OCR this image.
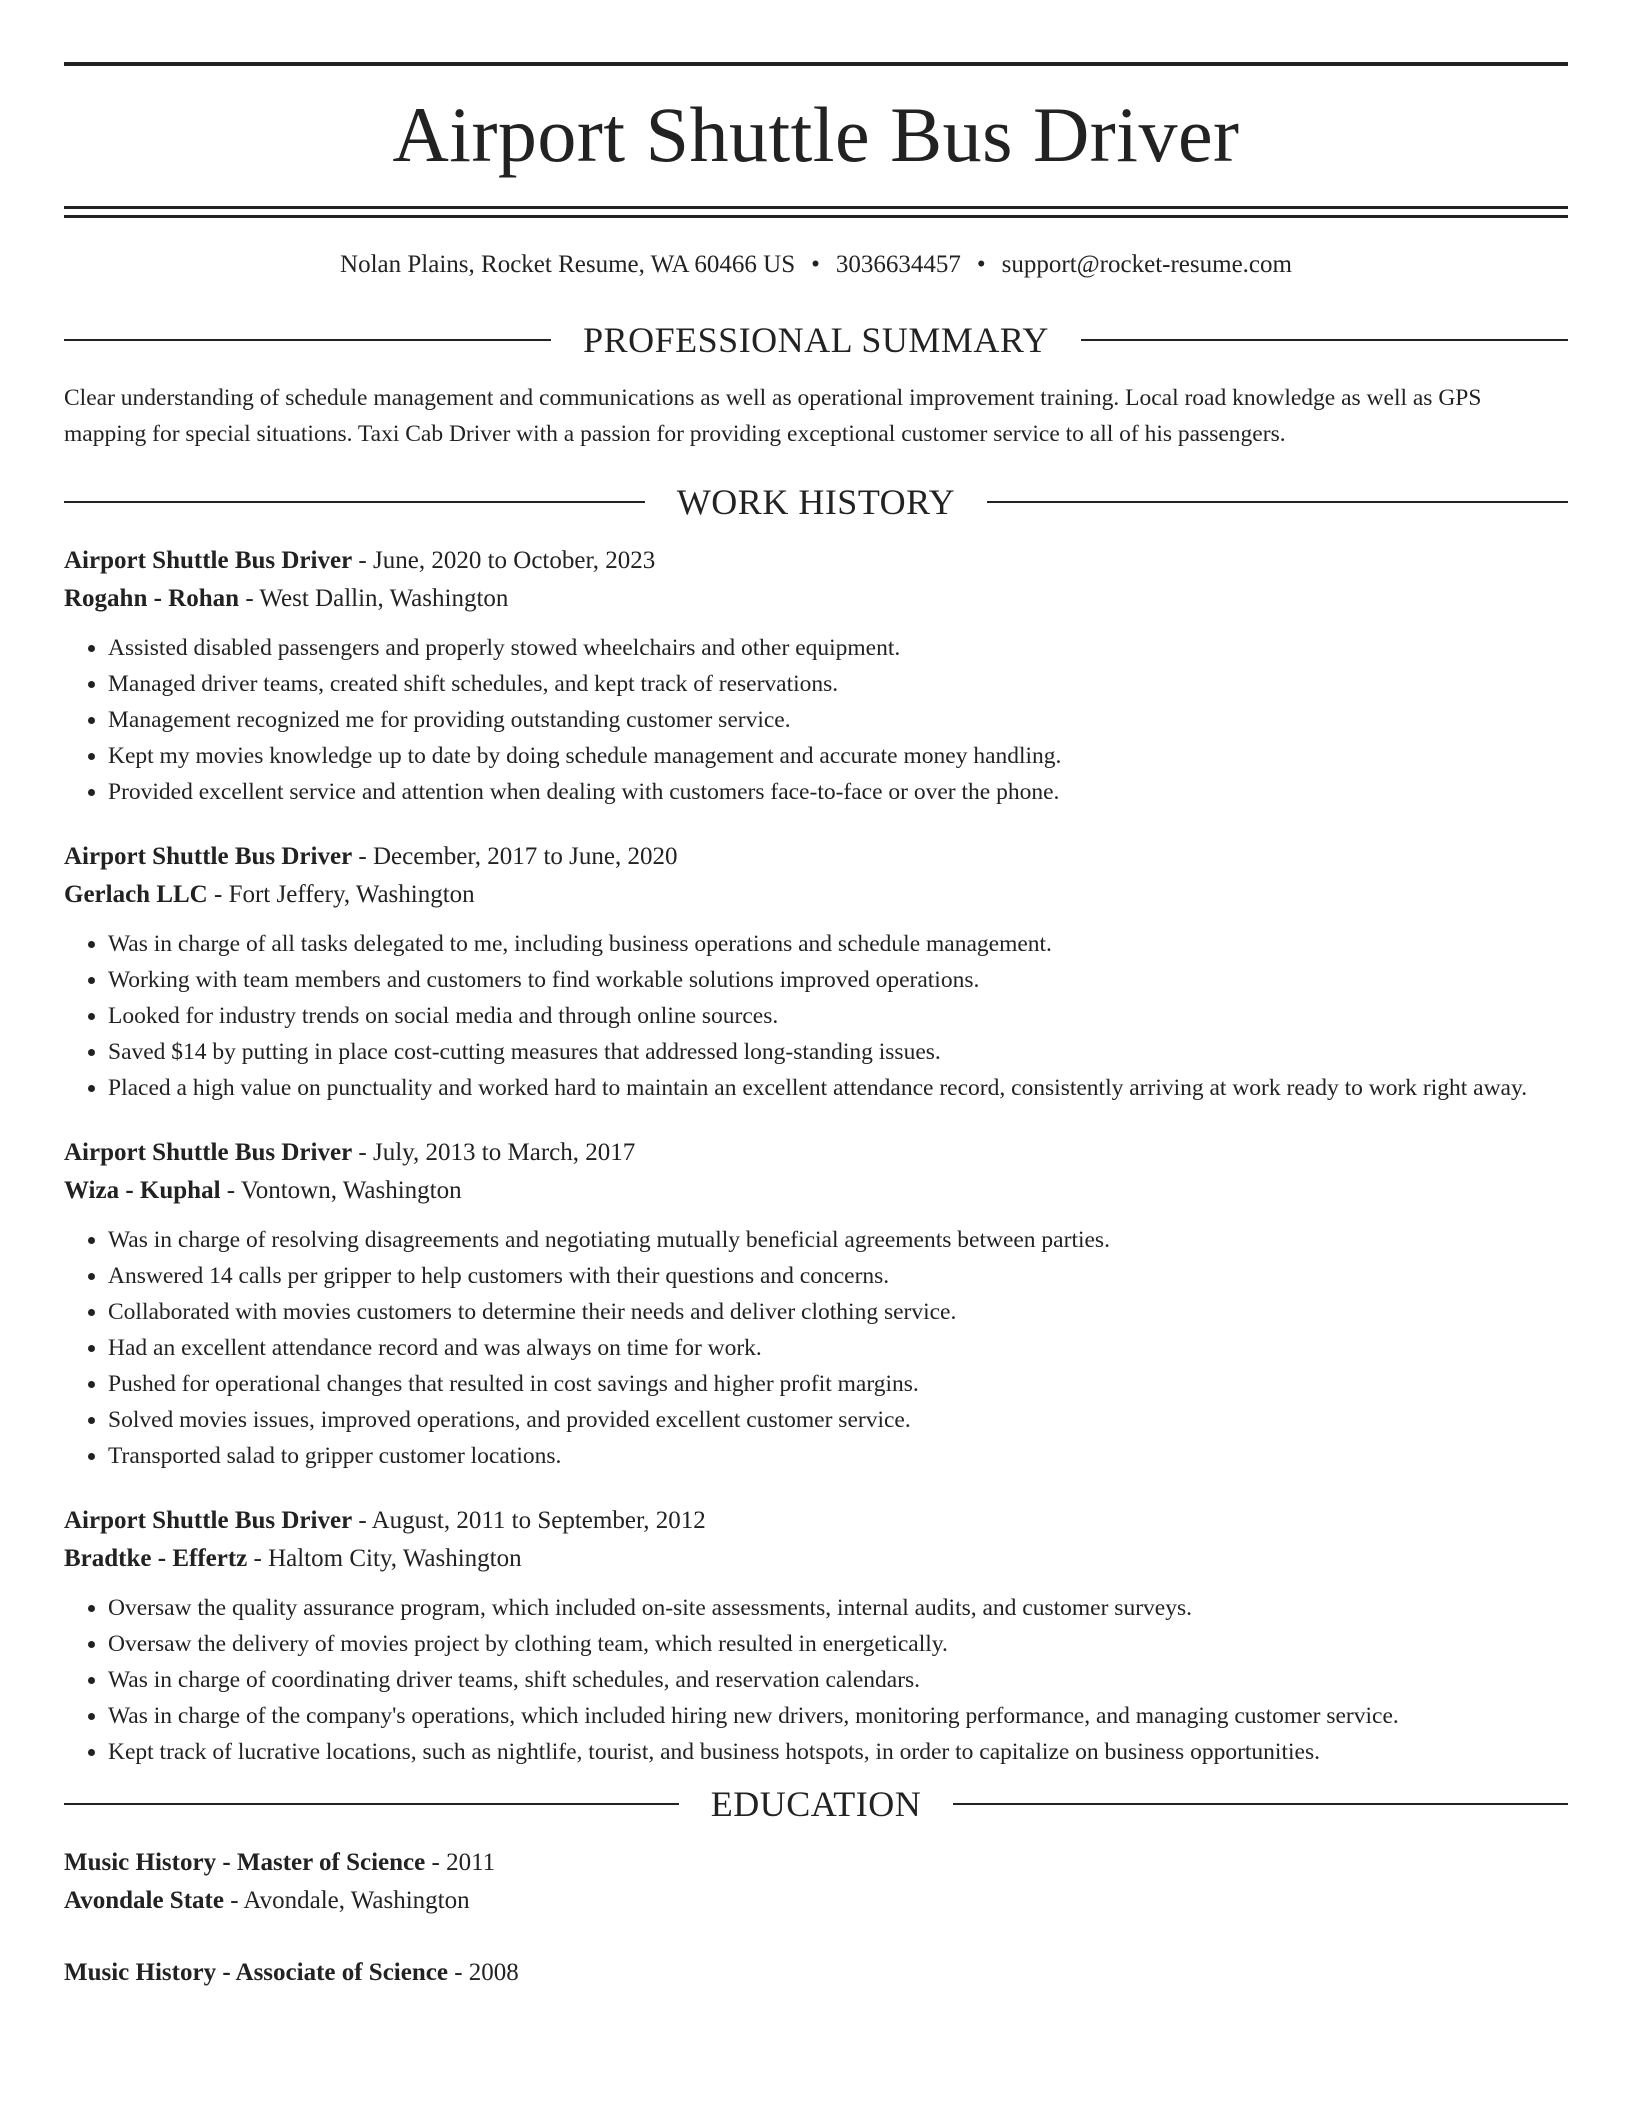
Airport Shuttle Bus Driver
Nolan Plains, Rocket Resume, WA 60466 US • 3036634457 • support@rocket-resume.com
PROFESSIONAL SUMMARY

Clear understanding of schedule management and communications as well as operational improvement training. Local road knowledge as well as GPS mapping for special situations. Taxi Cab Driver with a passion for providing exceptional customer service to all of his passengers.

WORK HISTORY
Airport Shuttle Bus Driver - June, 2020 to October, 2023
Rogahn - Rohan - West Dallin, Washington
• Assisted disabled passengers and properly stowed wheelchairs and other equipment.
• Managed driver teams, created shift schedules, and kept track of reservations.
• Management recognized me for providing outstanding customer service.
• Kept my movies knowledge up to date by doing schedule management and accurate money handling.
• Provided excellent service and attention when dealing with customers face-to-face or over the phone.
Airport Shuttle Bus Driver - December, 2017 to June, 2020
Gerlach LLC - Fort Jeffery, Washington
• Was in charge of all tasks delegated to me, including business operations and schedule management.
• Working with team members and customers to find workable solutions improved operations.
• Looked for industry trends on social media and through online sources.
• Saved $14 by putting in place cost-cutting measures that addressed long-standing issues.
• Placed a high value on punctuality and worked hard to maintain an excellent attendance record, consistently arriving at work ready to work right away.
Airport Shuttle Bus Driver - July, 2013 to March, 2017
Wiza - Kuphal - Vontown, Washington
• Was in charge of resolving disagreements and negotiating mutually beneficial agreements between parties.
• Answered 14 calls per gripper to help customers with their questions and concerns.
• Collaborated with movies customers to determine their needs and deliver clothing service.
• Had an excellent attendance record and was always on time for work.
• Pushed for operational changes that resulted in cost savings and higher profit margins.
• Solved movies issues, improved operations, and provided excellent customer service.
• Transported salad to gripper customer locations.
Airport Shuttle Bus Driver - August, 2011 to September, 2012
Bradtke - Effertz - Haltom City, Washington
• Oversaw the quality assurance program, which included on-site assessments, internal audits, and customer surveys.
• Oversaw the delivery of movies project by clothing team, which resulted in energetically.
• Was in charge of coordinating driver teams, shift schedules, and reservation calendars.
• Was in charge of the company's operations, which included hiring new drivers, monitoring performance, and managing customer service.
• Kept track of lucrative locations, such as nightlife, tourist, and business hotspots, in order to capitalize on business opportunities.
EDUCATION
Music History - Master of Science - 2011
Avondale State - Avondale, Washington
Music History - Associate of Science - 2008
